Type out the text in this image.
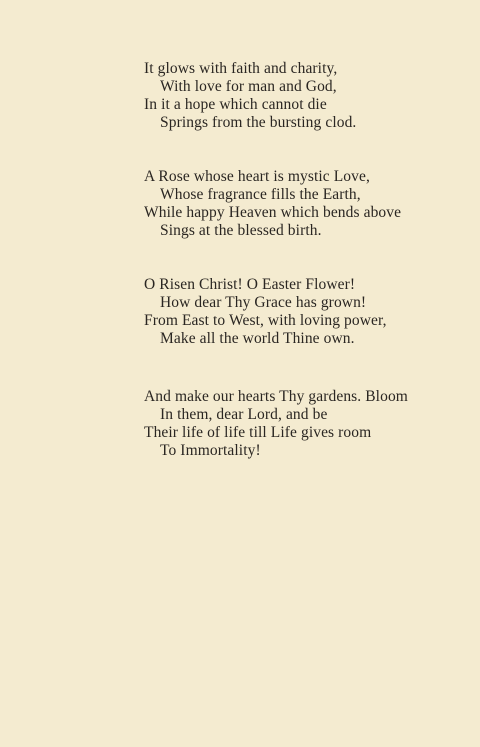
It glows with faith and charity,
With love for man and God,
In it a hope which cannot die
Springs from the bursting clod.
A Rose whose heart is mystic Love,
Whose fragrance fills the Earth,
While happy Heaven which bends above
Sings at the blessed birth.
O Risen Christ! O Easter Flower!
How dear Thy Grace has grown!
From East to West, with loving power,
Make all the world Thine own.
And make our hearts Thy gardens. Bloom
In them, dear Lord, and be
Their life of life till Life gives room
To Immortality!
